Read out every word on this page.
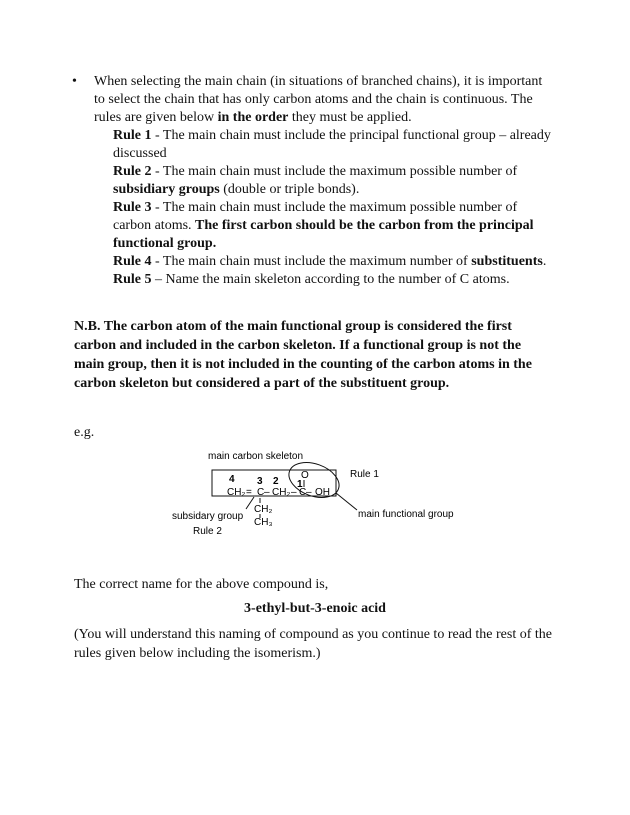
• When selecting the main chain (in situations of branched chains), it is important to select the chain that has only carbon atoms and the chain is continuous. The rules are given below in the order they must be applied.

Rule 1 - The main chain must include the principal functional group – already discussed

Rule 2 - The main chain must include the maximum possible number of subsidiary groups (double or triple bonds).

Rule 3 - The main chain must include the maximum possible number of carbon atoms. The first carbon should be the carbon from the principal functional group.

Rule 4 - The main chain must include the maximum number of substituents.

Rule 5 – Name the main skeleton according to the number of C atoms.

N.B. The carbon atom of the main functional group is considered the first carbon and included in the carbon skeleton. If a functional group is not the main group, then it is not included in the counting of the carbon atoms in the carbon skeleton but considered a part of the substituent group.
e.g.
main carbon skeleton
4 3 2 1
O
CH₂ = C – CH₂ – C – OH
CH₂
CH₃
Rule 1
main functional group
subsidary group
Rule 2
The correct name for the above compound is,
3-ethyl-but-3-enoic acid
(You will understand this naming of compound as you continue to read the rest of the rules given below including the isomerism.)
